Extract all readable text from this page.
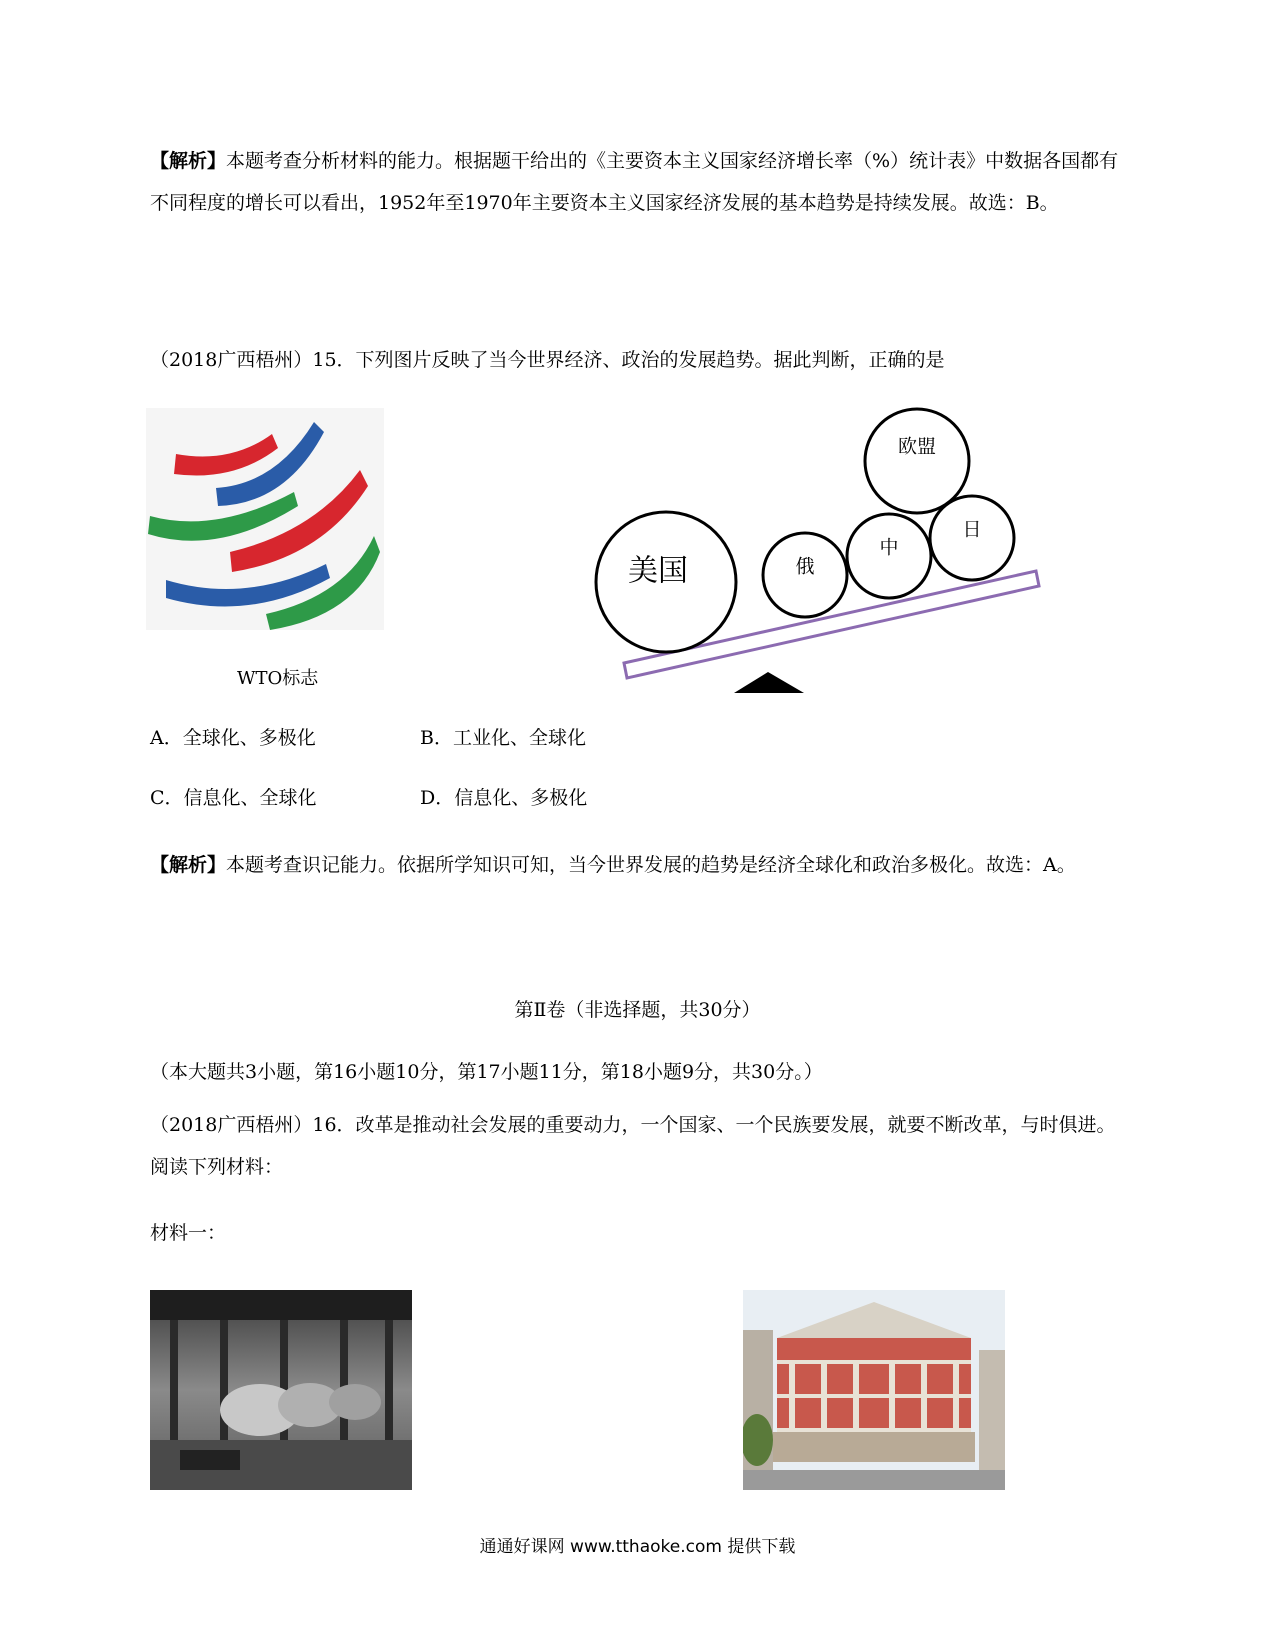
【解析】本题考查分析材料的能力。根据题干给出的《主要资本主义国家经济增长率（%）统计表》中数据各国都有不同程度的增长可以看出，1952年至1970年主要资本主义国家经济发展的基本趋势是持续发展。故选：B。

（2018广西梧州）15．下列图片反映了当今世界经济、政治的发展趋势。据此判断，正确的是

WTO标志
美国	俄
中
日
欧盟
A．全球化、多极化	B．工业化、全球化
C．信息化、全球化	D．信息化、多极化

【解析】本题考查识记能力。依据所学知识可知，当今世界发展的趋势是经济全球化和政治多极化。故选：A。

第Ⅱ卷（非选择题，共30分）
（本大题共3小题，第16小题10分，第17小题11分，第18小题9分，共30分。）

（2018广西梧州）16．改革是推动社会发展的重要动力，一个国家、一个民族要发展，就要不断改革，与时俱进。阅读下列材料：

材料一：
通通好课网 www.tthaoke.com 提供下载
